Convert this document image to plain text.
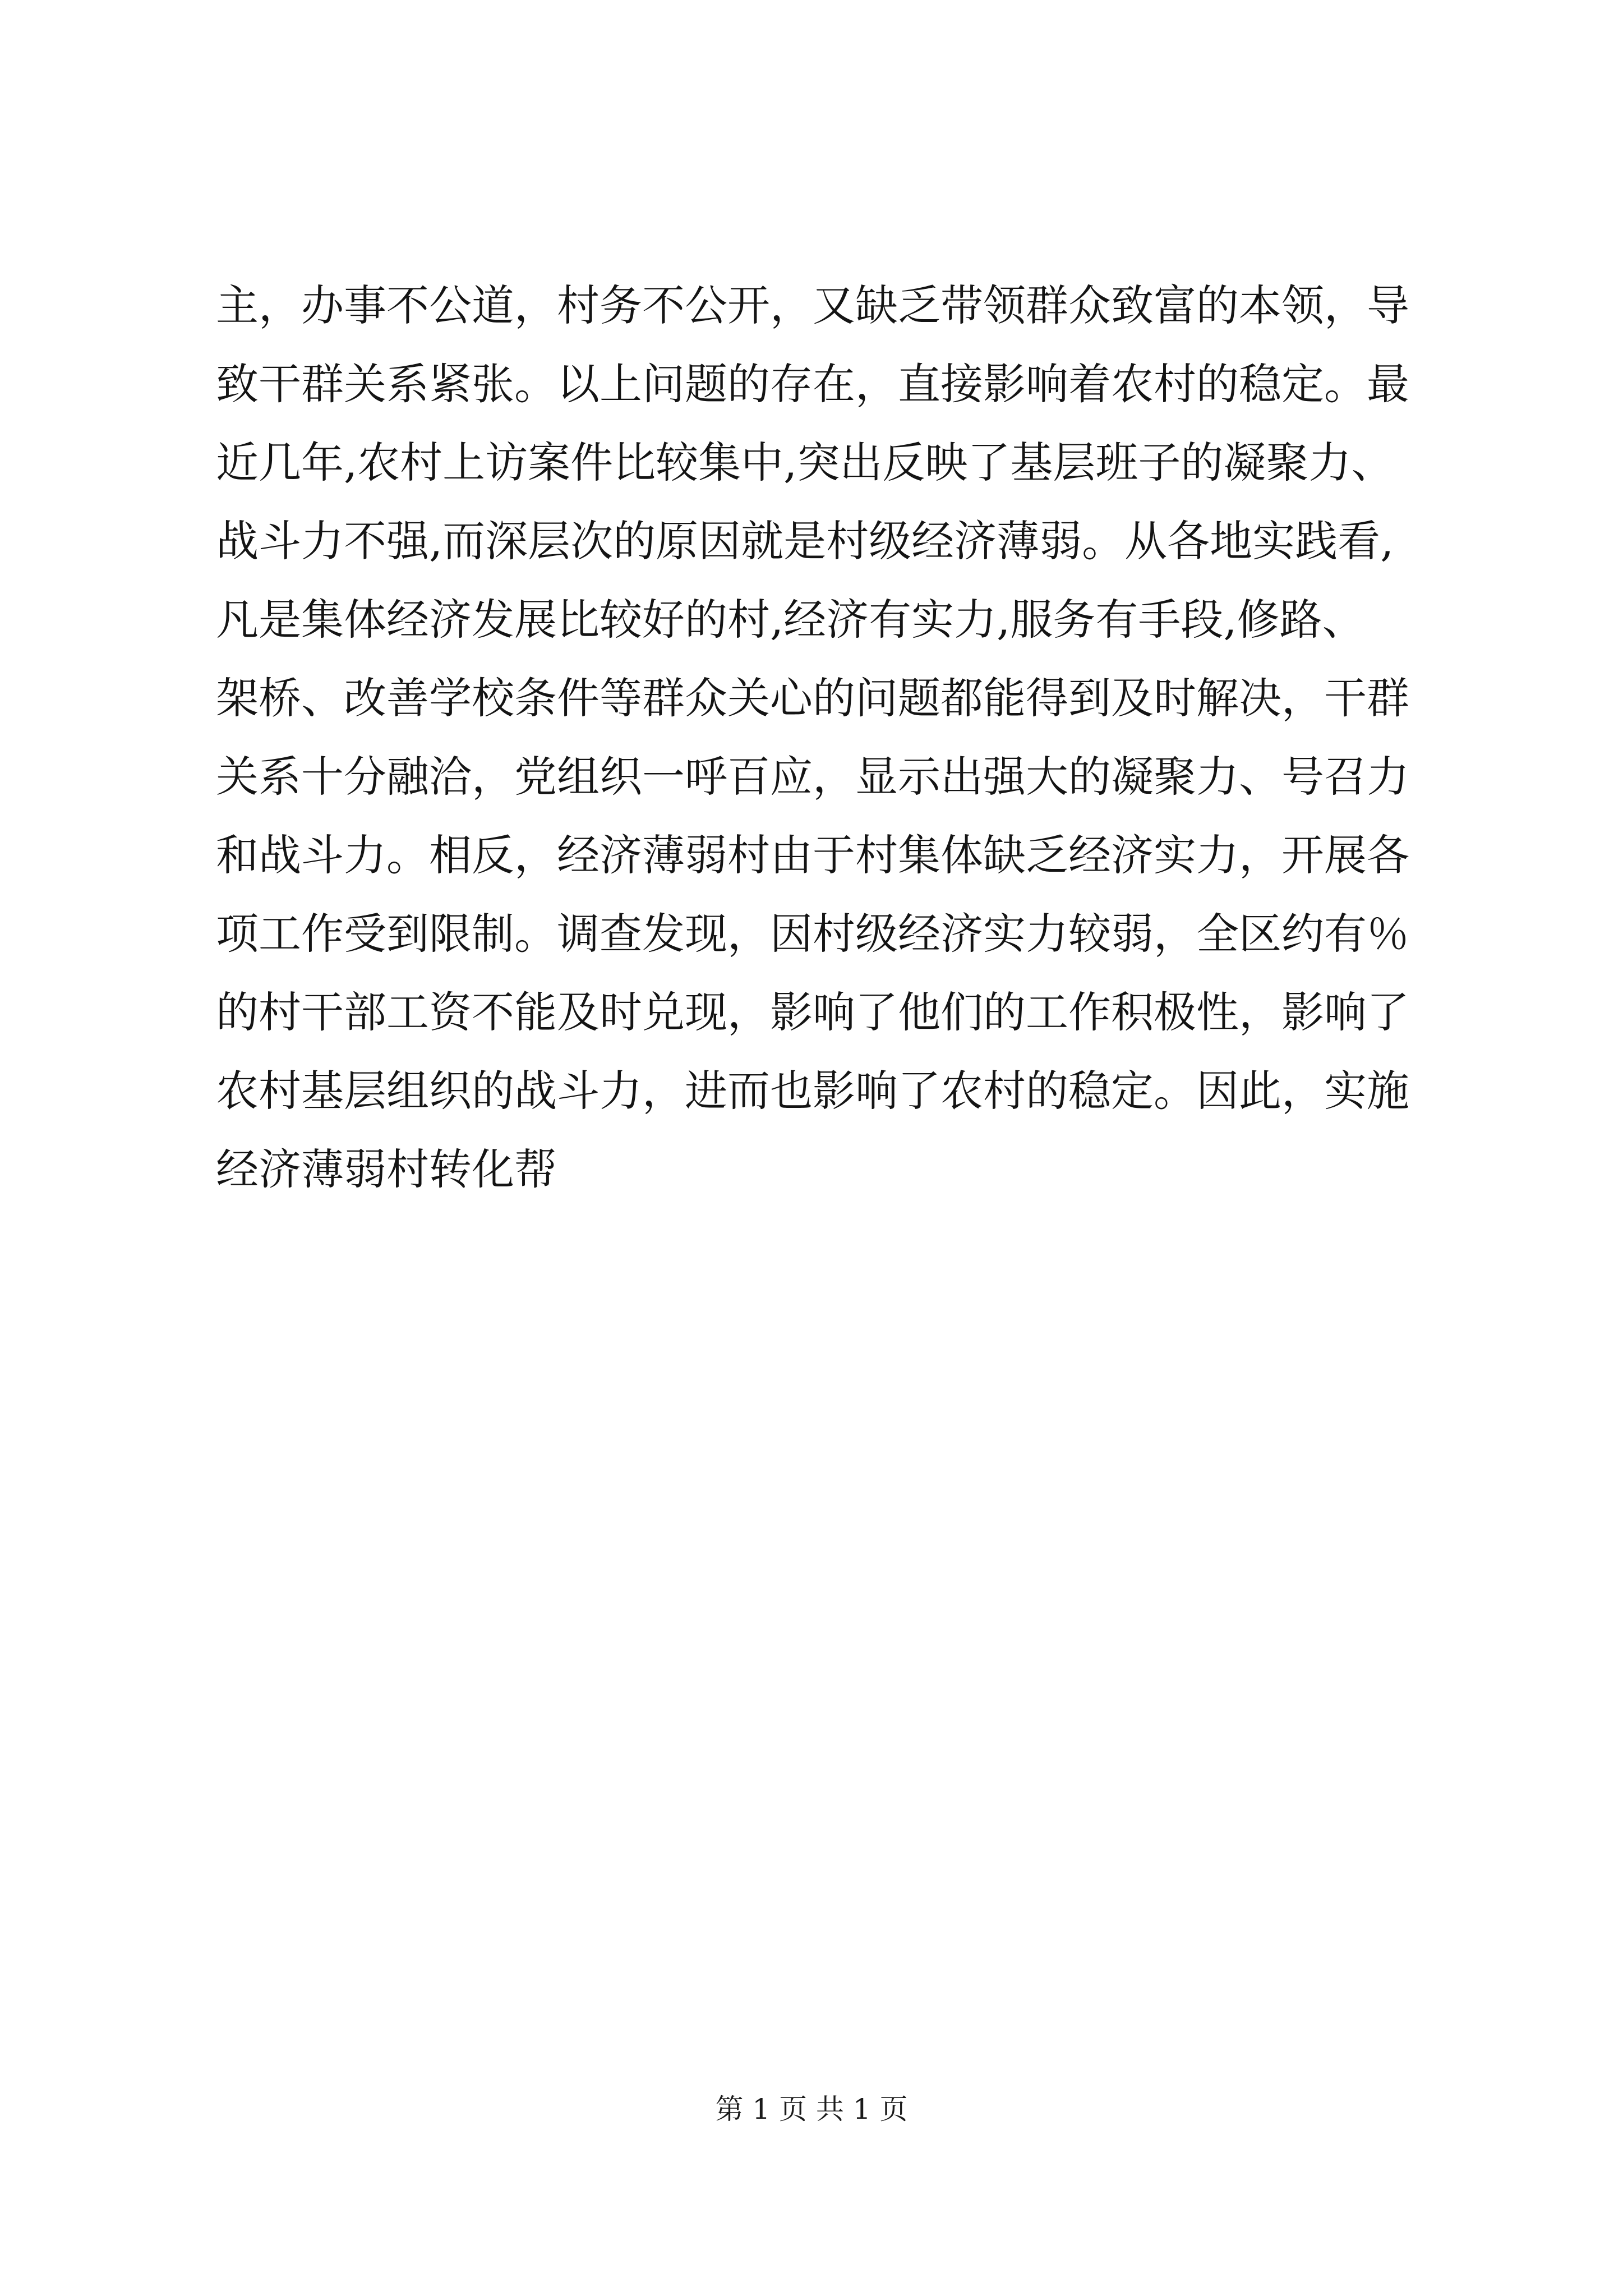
主，办事不公道，村务不公开，又缺乏带领群众致富的本领，导
致干群关系紧张。以上问题的存在，直接影响着农村的稳定。最
近几年,农村上访案件比较集中,突出反映了基层班子的凝聚力、
战斗力不强,而深层次的原因就是村级经济薄弱。从各地实践看,
凡是集体经济发展比较好的村,经济有实力,服务有手段,修路、
架桥、改善学校条件等群众关心的问题都能得到及时解决，干群
关系十分融洽，党组织一呼百应，显示出强大的凝聚力、号召力
和战斗力。相反，经济薄弱村由于村集体缺乏经济实力，开展各
项工作受到限制。调查发现，因村级经济实力较弱，全区约有％
的村干部工资不能及时兑现，影响了他们的工作积极性，影响了
农村基层组织的战斗力，进而也影响了农村的稳定。因此，实施
经济薄弱村转化帮
第 1 页 共 1 页
